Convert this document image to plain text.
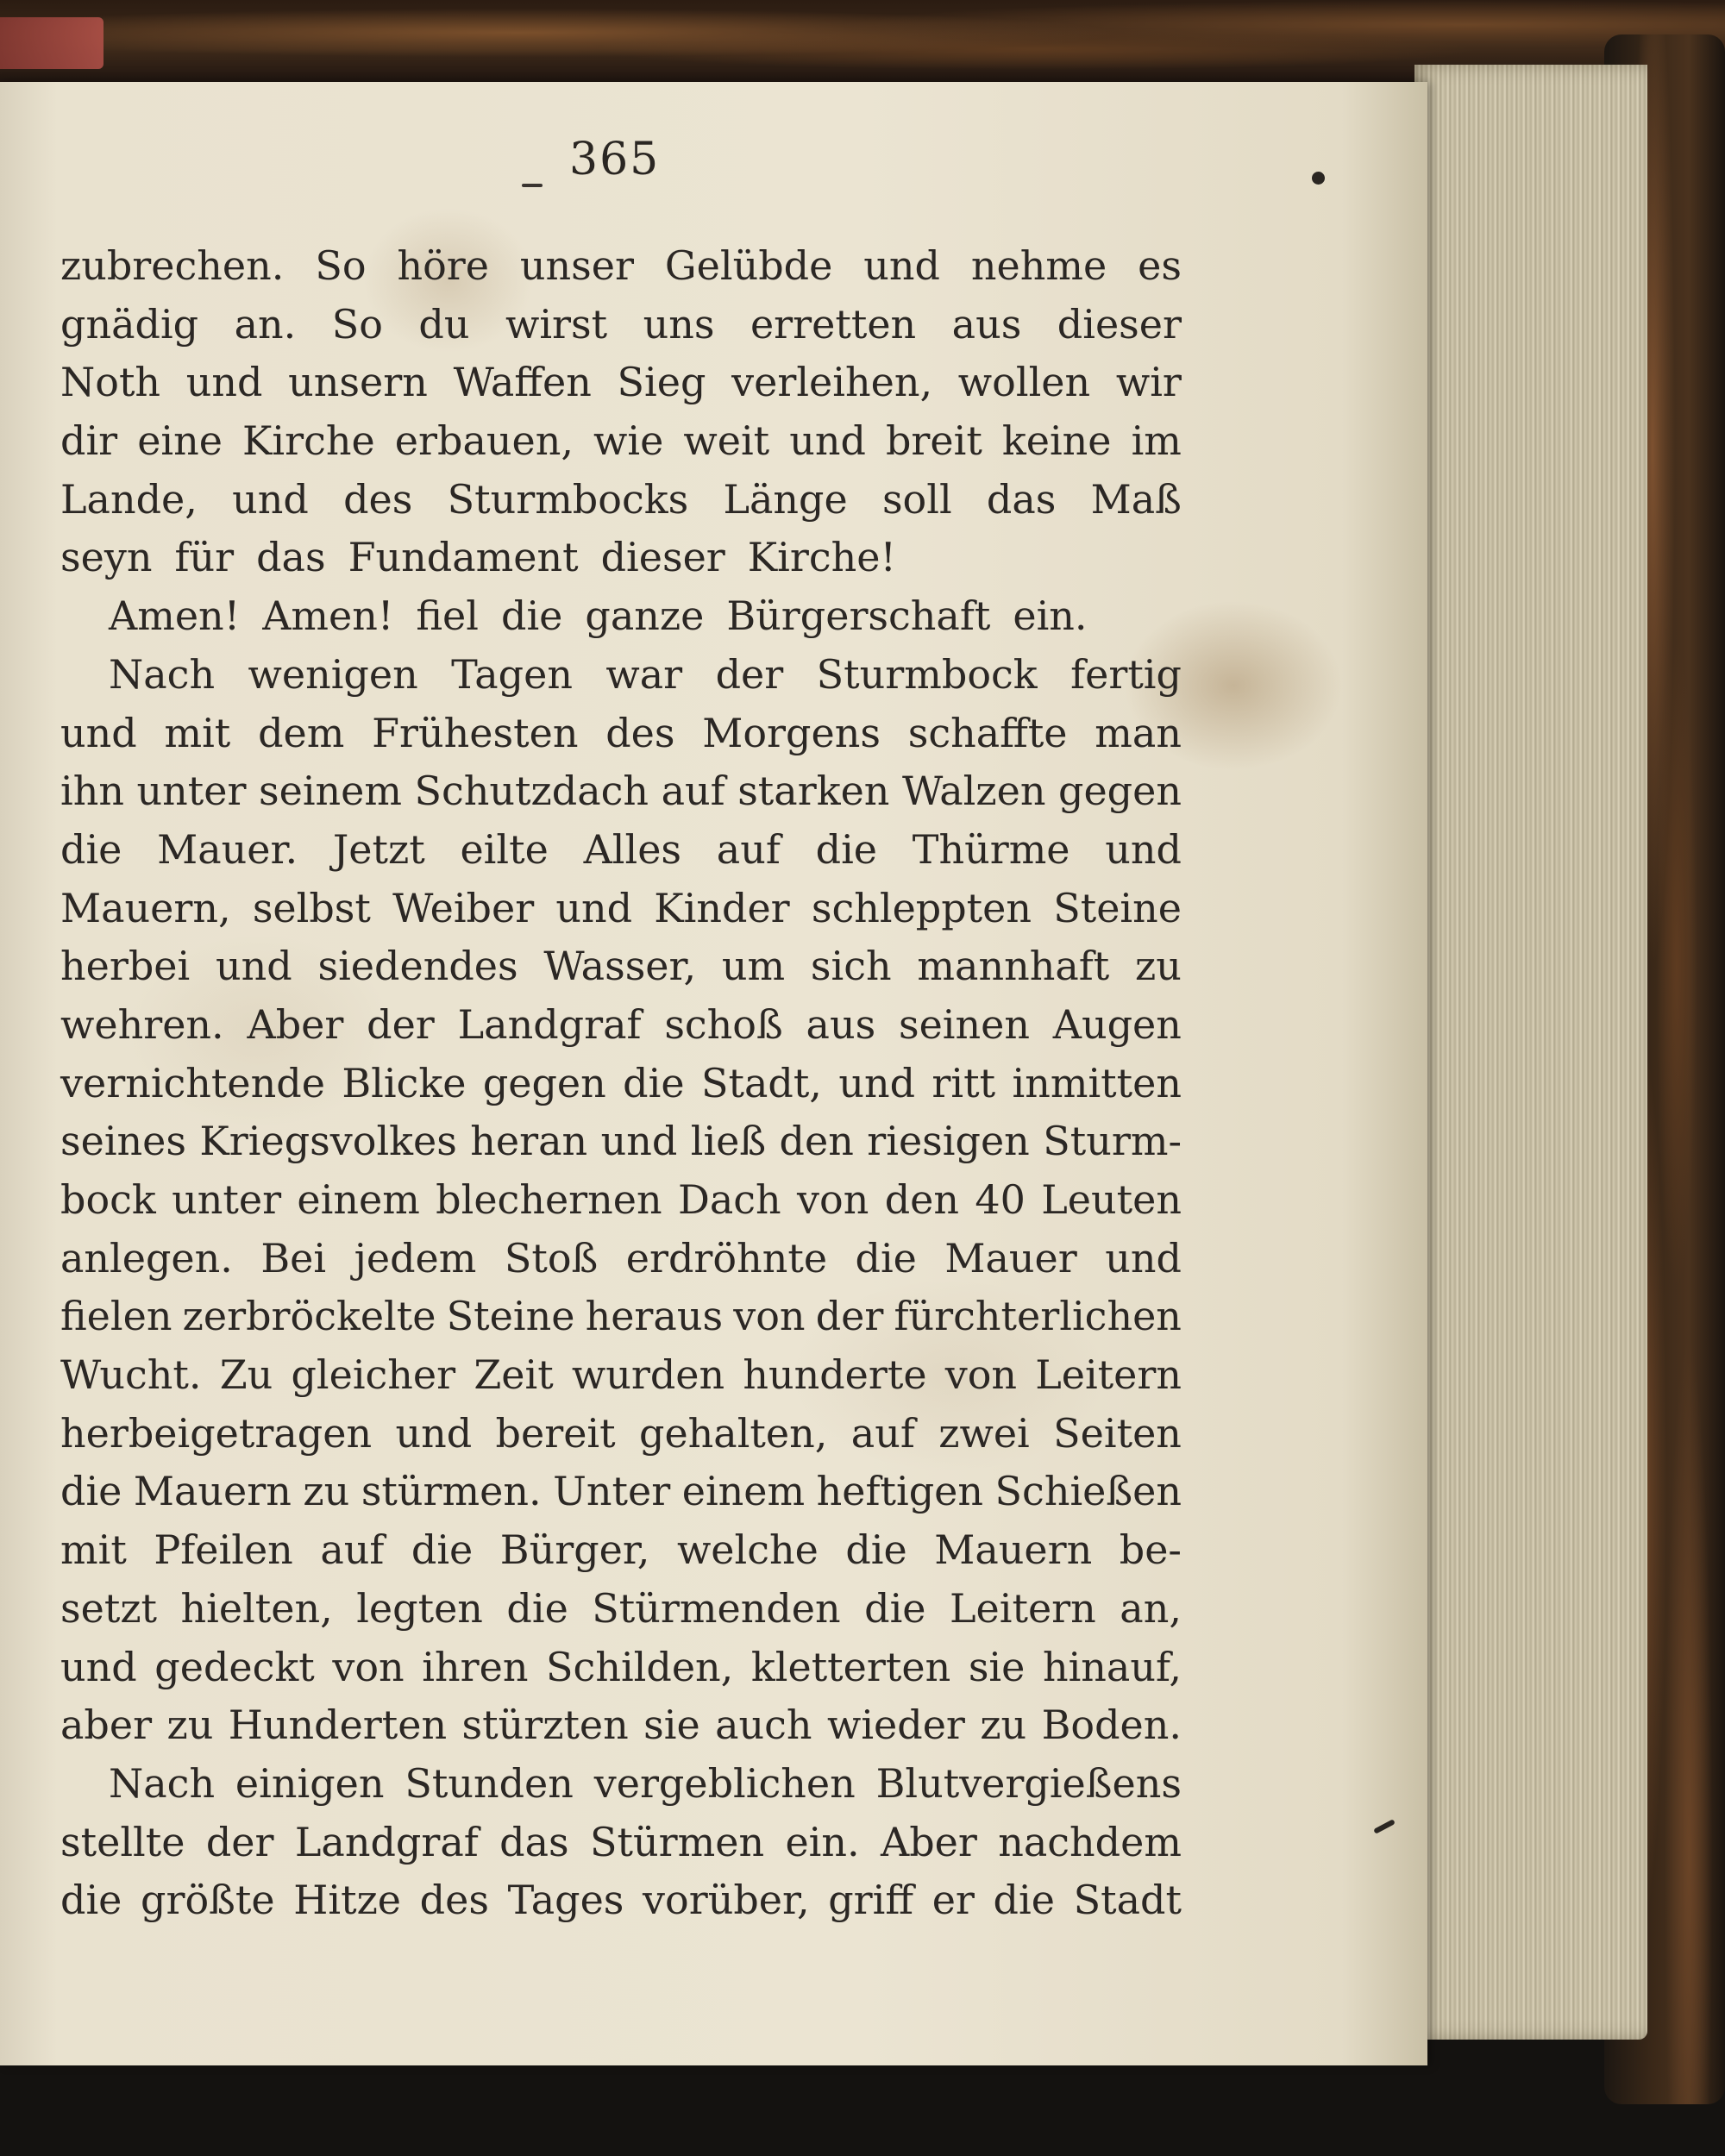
365
zubrechen. So höre unser Gelübde und nehme es
gnädig an. So du wirst uns erretten aus dieser
Noth und unsern Waffen Sieg verleihen, wollen wir
dir eine Kirche erbauen, wie weit und breit keine im
Lande, und des Sturmbocks Länge soll das Maß
seyn für das Fundament dieser Kirche!
Amen! Amen! fiel die ganze Bürgerschaft ein.
Nach wenigen Tagen war der Sturmbock fertig
und mit dem Frühesten des Morgens schaffte man
ihn unter seinem Schutzdach auf starken Walzen gegen
die Mauer. Jetzt eilte Alles auf die Thürme und
Mauern, selbst Weiber und Kinder schleppten Steine
herbei und siedendes Wasser, um sich mannhaft zu
wehren. Aber der Landgraf schoß aus seinen Augen
vernichtende Blicke gegen die Stadt, und ritt inmitten
seines Kriegsvolkes heran und ließ den riesigen Sturm-
bock unter einem blechernen Dach von den 40 Leuten
anlegen. Bei jedem Stoß erdröhnte die Mauer und
fielen zerbröckelte Steine heraus von der fürchterlichen
Wucht. Zu gleicher Zeit wurden hunderte von Leitern
herbeigetragen und bereit gehalten, auf zwei Seiten
die Mauern zu stürmen. Unter einem heftigen Schießen
mit Pfeilen auf die Bürger, welche die Mauern be-
setzt hielten, legten die Stürmenden die Leitern an,
und gedeckt von ihren Schilden, kletterten sie hinauf,
aber zu Hunderten stürzten sie auch wieder zu Boden.
Nach einigen Stunden vergeblichen Blutvergießens
stellte der Landgraf das Stürmen ein. Aber nachdem
die größte Hitze des Tages vorüber, griff er die Stadt
